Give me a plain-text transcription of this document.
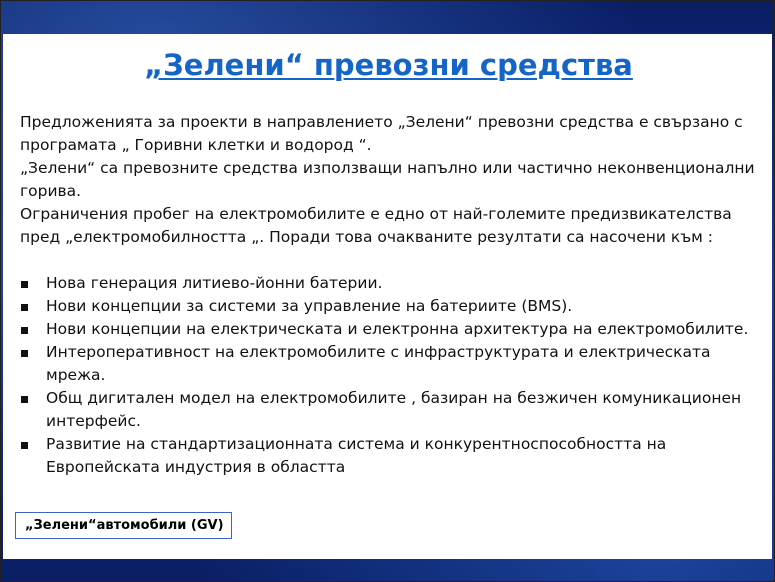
„Зелени“ превозни средства

Предложенията за проекти в направлението „Зелени“ превозни средства е свързано с програмата „ Горивни клетки и водород “.

„Зелени“ са превозните средства използващи напълно или частично неконвенционални горива.

Ограничения пробег на електромобилите е едно от най-големите предизвикателства пред „електромобилността „. Поради това очакваните резултати са насочени към :

Нова генерация литиево-йонни батерии.
Нови концепции за системи за управление на батериите (BMS).
Нови концепции на електрическата и електронна архитектура на електромобилите.
Интероперативност на електромобилите с инфраструктурата и електрическата мрежа.
Общ дигитален модел на електромобилите , базиран на безжичен комуникационен интерфейс.
Развитие на стандартизационната система и конкурентноспособността на Европейската индустрия в областта
„Зелени“автомобили (GV)
